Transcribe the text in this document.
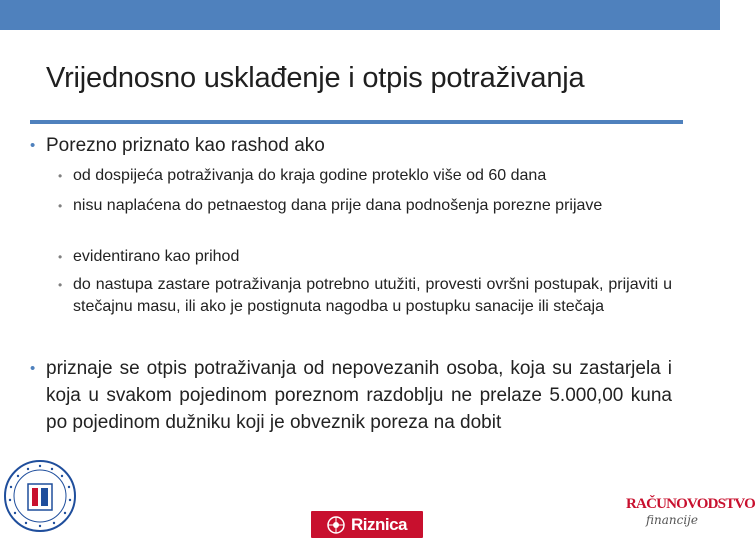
Vrijednosno usklađenje i otpis potraživanja
• Porezno priznato kao rashod ako
• od dospijeća potraživanja do kraja godine proteklo više od 60 dana
• nisu naplaćena do petnaestog dana prije dana podnošenja porezne prijave
• evidentirano kao prihod
• do nastupa zastare potraživanja potrebno utužiti, provesti ovršni postupak, prijaviti u stečajnu masu, ili ako je postignuta nagodba u postupku sanacije ili stečaja
• priznaje se otpis potraživanja od nepovezanih osoba, koja su zastarjela i koja u svakom pojedinom poreznom razdoblju ne prelaze 5.000,00 kuna po pojedinom dužniku koji je obveznik poreza na dobit
Riznica
RAČUNOVODSTVO
financije
